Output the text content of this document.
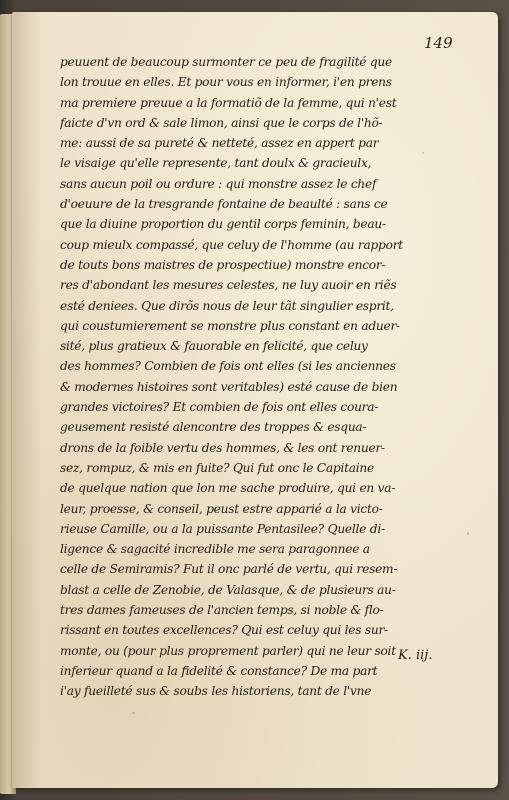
149

peuuent de beaucoup surmonter ce peu de fragilité que
lon trouue en elles. Et pour vous en informer, i'en prens
ma premiere preuue a la formatiõ de la femme, qui n'est
faicte d'vn ord & sale limon, ainsi que le corps de l'hõ-
me: aussi de sa pureté & netteté, assez en appert par
le visaige qu'elle represente, tant doulx & gracieulx,
sans aucun poil ou ordure : qui monstre assez le chef
d'oeuure de la tresgrande fontaine de beaulté : sans ce
que la diuine proportion du gentil corps feminin, beau-
coup mieulx compassé, que celuy de l'homme (au rapport
de touts bons maistres de prospectiue) monstre encor-
res d'abondant les mesures celestes, ne luy auoir en riẽs
esté deniees. Que dirõs nous de leur tãt singulier esprit,
qui coustumierement se monstre plus constant en aduer-
sité, plus gratieux & fauorable en felicité, que celuy
des hommes? Combien de fois ont elles (si les anciennes
& modernes histoires sont veritables) esté cause de bien
grandes victoires? Et combien de fois ont elles coura-
geusement resisté alencontre des troppes & esqua-
drons de la foible vertu des hommes, & les ont renuer-
sez, rompuz, & mis en fuite? Qui fut onc le Capitaine
de quelque nation que lon me sache produire, qui en va-
leur, proesse, & conseil, peust estre apparié a la victo-
rieuse Camille, ou a la puissante Pentasilee? Quelle di-
ligence & sagacité incredible me sera paragonnee a
celle de Semiramis? Fut il onc parlé de vertu, qui resem-
blast a celle de Zenobie, de Valasque, & de plusieurs au-
tres dames fameuses de l'ancien temps, si noble & flo-
rissant en toutes excellences? Qui est celuy qui les sur-
monte, ou (pour plus proprement parler) qui ne leur soit
inferieur quand a la fidelité & constance? De ma part
i'ay fueilleté sus & soubs les historiens, tant de l'vne

K. iij.
